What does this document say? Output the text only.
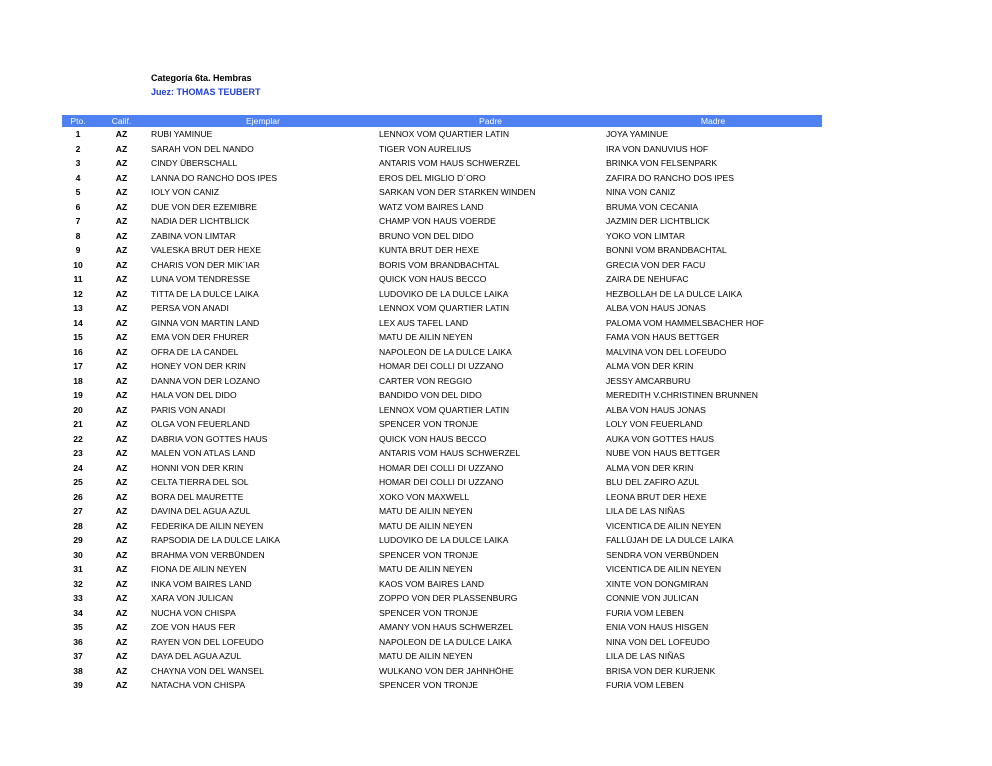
Categoría 6ta. Hembras
Juez: THOMAS TEUBERT
Pto.	Calif.	Ejemplar	Padre	Madre
1	AZ	RUBI YAMINUE	LENNOX VOM QUARTIER LATIN	JOYA YAMINUE
2	AZ	SARAH VON DEL NANDO	TIGER VON AURELIUS	IRA VON DANUVIUS HOF
3	AZ	CINDY ÜBERSCHALL	ANTARIS VOM HAUS SCHWERZEL	BRINKA VON FELSENPARK
4	AZ	LANNA DO RANCHO DOS IPES	EROS DEL MIGLIO D´ORO	ZAFIRA DO RANCHO DOS IPES
5	AZ	IOLY VON CANIZ	SARKAN VON DER STARKEN WINDEN	NINA VON CANIZ
6	AZ	DUE VON DER EZEMIBRE	WATZ VOM BAIRES LAND	BRUMA VON CECANIA
7	AZ	NADIA DER LICHTBLICK	CHAMP VON HAUS VOERDE	JAZMIN DER LICHTBLICK
8	AZ	ZABINA VON LIMTAR	BRUNO VON DEL DIDO	YOKO VON LIMTAR
9	AZ	VALESKA BRUT DER HEXE	KUNTA BRUT DER HEXE	BONNI VOM BRANDBACHTAL
10	AZ	CHARIS VON DER MIK´IAR	BORIS VOM BRANDBACHTAL	GRECIA VON DER FACU
11	AZ	LUNA VOM TENDRESSE	QUICK VON HAUS BECCO	ZAIRA DE NEHUFAC
12	AZ	TITTA DE LA DULCE LAIKA	LUDOVIKO DE LA DULCE LAIKA	HEZBOLLAH DE LA DULCE LAIKA
13	AZ	PERSA VON ANADI	LENNOX VOM QUARTIER LATIN	ALBA VON HAUS JONAS
14	AZ	GINNA VON MARTIN LAND	LEX AUS TAFEL LAND	PALOMA VOM HAMMELSBACHER HOF
15	AZ	EMA VON DER FHURER	MATU DE AILIN NEYEN	FAMA VON HAUS BETTGER
16	AZ	OFRA DE LA CANDEL	NAPOLEON DE LA DULCE LAIKA	MALVINA VON DEL LOFEUDO
17	AZ	HONEY VON DER KRIN	HOMAR DEI COLLI DI UZZANO	ALMA VON DER KRIN
18	AZ	DANNA VON DER LOZANO	CARTER VON REGGIO	JESSY AMCARBURU
19	AZ	HALA VON DEL DIDO	BANDIDO VON DEL DIDO	MEREDITH V.CHRISTINEN BRUNNEN
20	AZ	PARIS VON ANADI	LENNOX VOM QUARTIER LATIN	ALBA VON HAUS JONAS
21	AZ	OLGA VON FEUERLAND	SPENCER VON TRONJE	LOLY VON FEUERLAND
22	AZ	DABRIA VON GOTTES HAUS	QUICK VON HAUS BECCO	AUKA VON GOTTES HAUS
23	AZ	MALEN VON ATLAS LAND	ANTARIS VOM HAUS SCHWERZEL	NUBE VON HAUS BETTGER
24	AZ	HONNI VON DER KRIN	HOMAR DEI COLLI DI UZZANO	ALMA VON DER KRIN
25	AZ	CELTA TIERRA DEL SOL	HOMAR DEI COLLI DI UZZANO	BLU DEL ZAFIRO AZUL
26	AZ	BORA DEL MAURETTE	XOKO VON MAXWELL	LEONA BRUT DER HEXE
27	AZ	DAVINA DEL AGUA AZUL	MATU DE AILIN NEYEN	LILA DE LAS NIÑAS
28	AZ	FEDERIKA DE AILIN NEYEN	MATU DE AILIN NEYEN	VICENTICA DE AILIN NEYEN
29	AZ	RAPSODIA DE LA DULCE LAIKA	LUDOVIKO DE LA DULCE LAIKA	FALLÜJAH DE LA DULCE LAIKA
30	AZ	BRAHMA VON VERBÜNDEN	SPENCER VON TRONJE	SENDRA VON VERBÜNDEN
31	AZ	FIONA DE AILIN NEYEN	MATU DE AILIN NEYEN	VICENTICA DE AILIN NEYEN
32	AZ	INKA VOM BAIRES LAND	KAOS VOM BAIRES LAND	XINTE VON DONGMIRAN
33	AZ	XARA VON JULICAN	ZOPPO VON DER PLASSENBURG	CONNIE VON JULICAN
34	AZ	NUCHA VON CHISPA	SPENCER VON TRONJE	FURIA VOM LEBEN
35	AZ	ZOE VON HAUS FER	AMANY VON HAUS SCHWERZEL	ENIA VON HAUS HISGEN
36	AZ	RAYEN VON DEL LOFEUDO	NAPOLEON DE LA DULCE LAIKA	NINA VON DEL LOFEUDO
37	AZ	DAYA DEL AGUA AZUL	MATU DE AILIN NEYEN	LILA DE LAS NIÑAS
38	AZ	CHAYNA VON DEL WANSEL	WULKANO VON DER JAHNHÖHE	BRISA VON DER KURJENK
39	AZ	NATACHA VON CHISPA	SPENCER VON TRONJE	FURIA VOM LEBEN
